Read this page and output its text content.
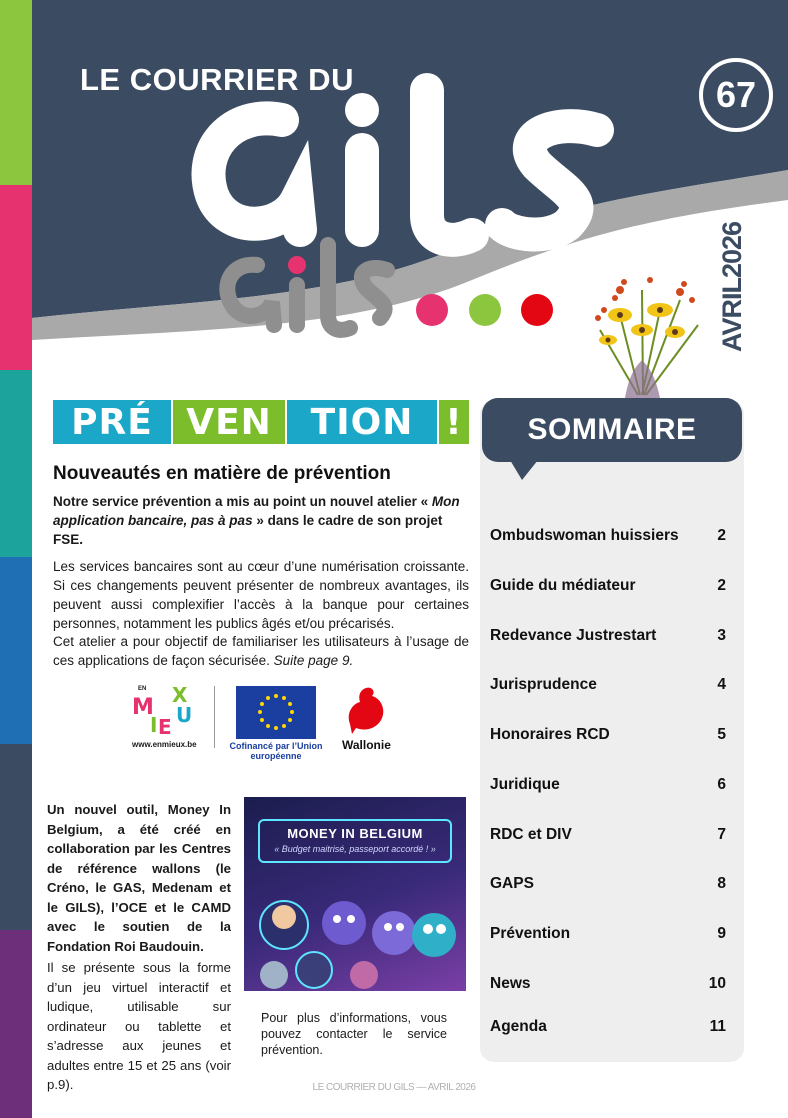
LE COURRIER DU	67
AVRIL2026
PRÉ VEN	TION !
Nouveautés en matière de prévention

Notre service prévention a mis au point un nouvel atelier « Mon application bancaire, pas à pas » dans le cadre de son projet FSE.

Les services bancaires sont au cœur d’une numérisation croissante. Si ces changements peuvent présenter de nombreux avantages, ils peuvent aussi complexifier l’accès à la banque pour certaines personnes, notamment les publics âgés et/ou précarisés.

Cet atelier a pour objectif de familiariser les utilisateurs à l’usage de ces applications de façon sécurisée. Suite page 9.

M
I E
X
U
EN
www.enmieux.be	Cofinancé par l’Union européenne
Wallonie

Un nouvel outil, Money In Belgium, a été créé en collaboration par les Centres de référence wallons (le Créno, le GAS, Medenam et le GILS), l’OCE et le CAMD avec le soutien de la Fondation Roi Baudouin.

Il se présente sous la forme d’un jeu virtuel interactif et ludique, utilisable sur ordinateur ou tablette et s’adresse aux jeunes et adultes entre 15 et 25 ans (voir p.9).

MONEY IN BELGIUM
« Budget maitrisé, passeport accordé ! »

Pour plus d’informations, vous pouvez contacter le service prévention.

SOMMAIRE
Ombudswoman huissiers 2
Guide du médiateur	2
Redevance Justrestart	3
Jurisprudence	4
Honoraires RCD	5
Juridique	6
RDC et DIV	7
GAPS	8
Prévention	9
News	10
Agenda	11
LE COURRIER DU GILS — AVRIL 2026
